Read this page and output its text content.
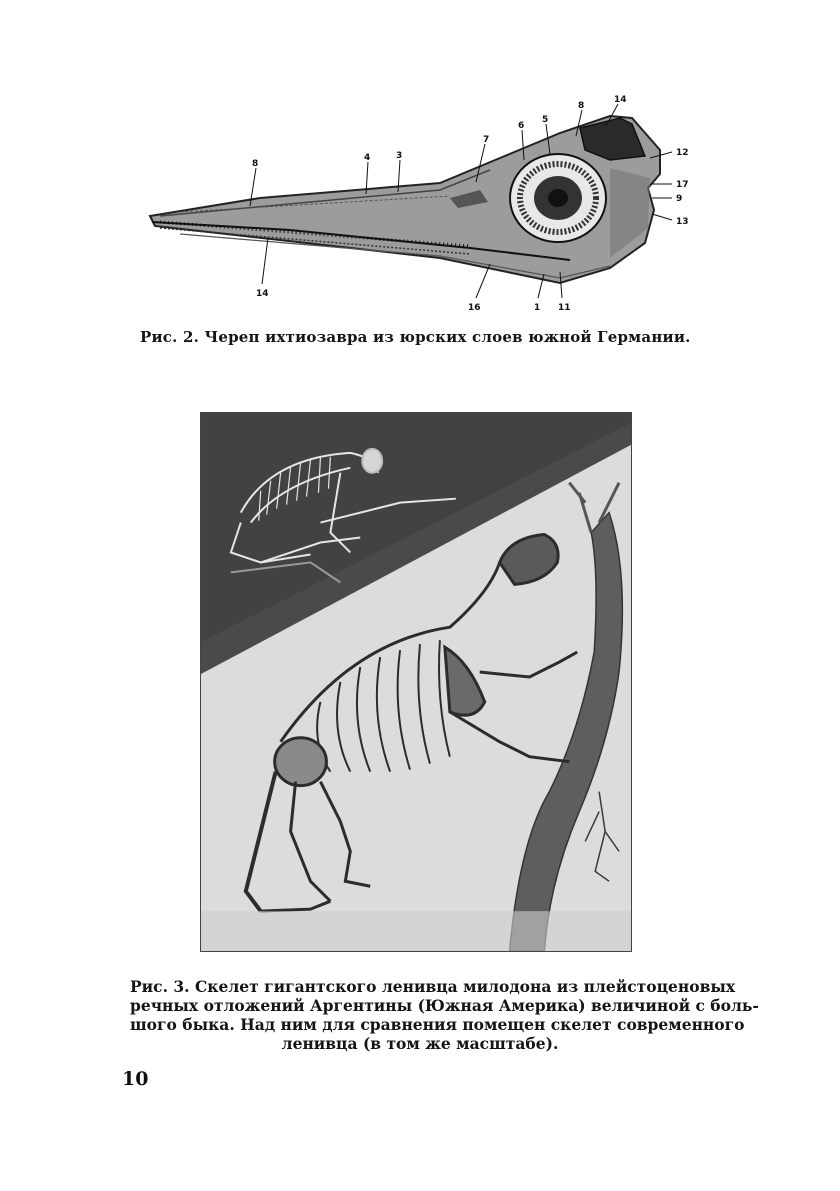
8
4	3
7
6
5
8
14
12
17
9
13
14
16	1 11
Рис. 2. Череп ихтиозавра из юрских слоев южной Германии.
Рис. 3. Скелет гигантского ленивца милодона из плейстоценовых
речных отложений Аргентины (Южная Америка) величиной с боль-
шого быка. Над ним для сравнения помещен скелет современного
ленивца (в том же масштабе).
10
